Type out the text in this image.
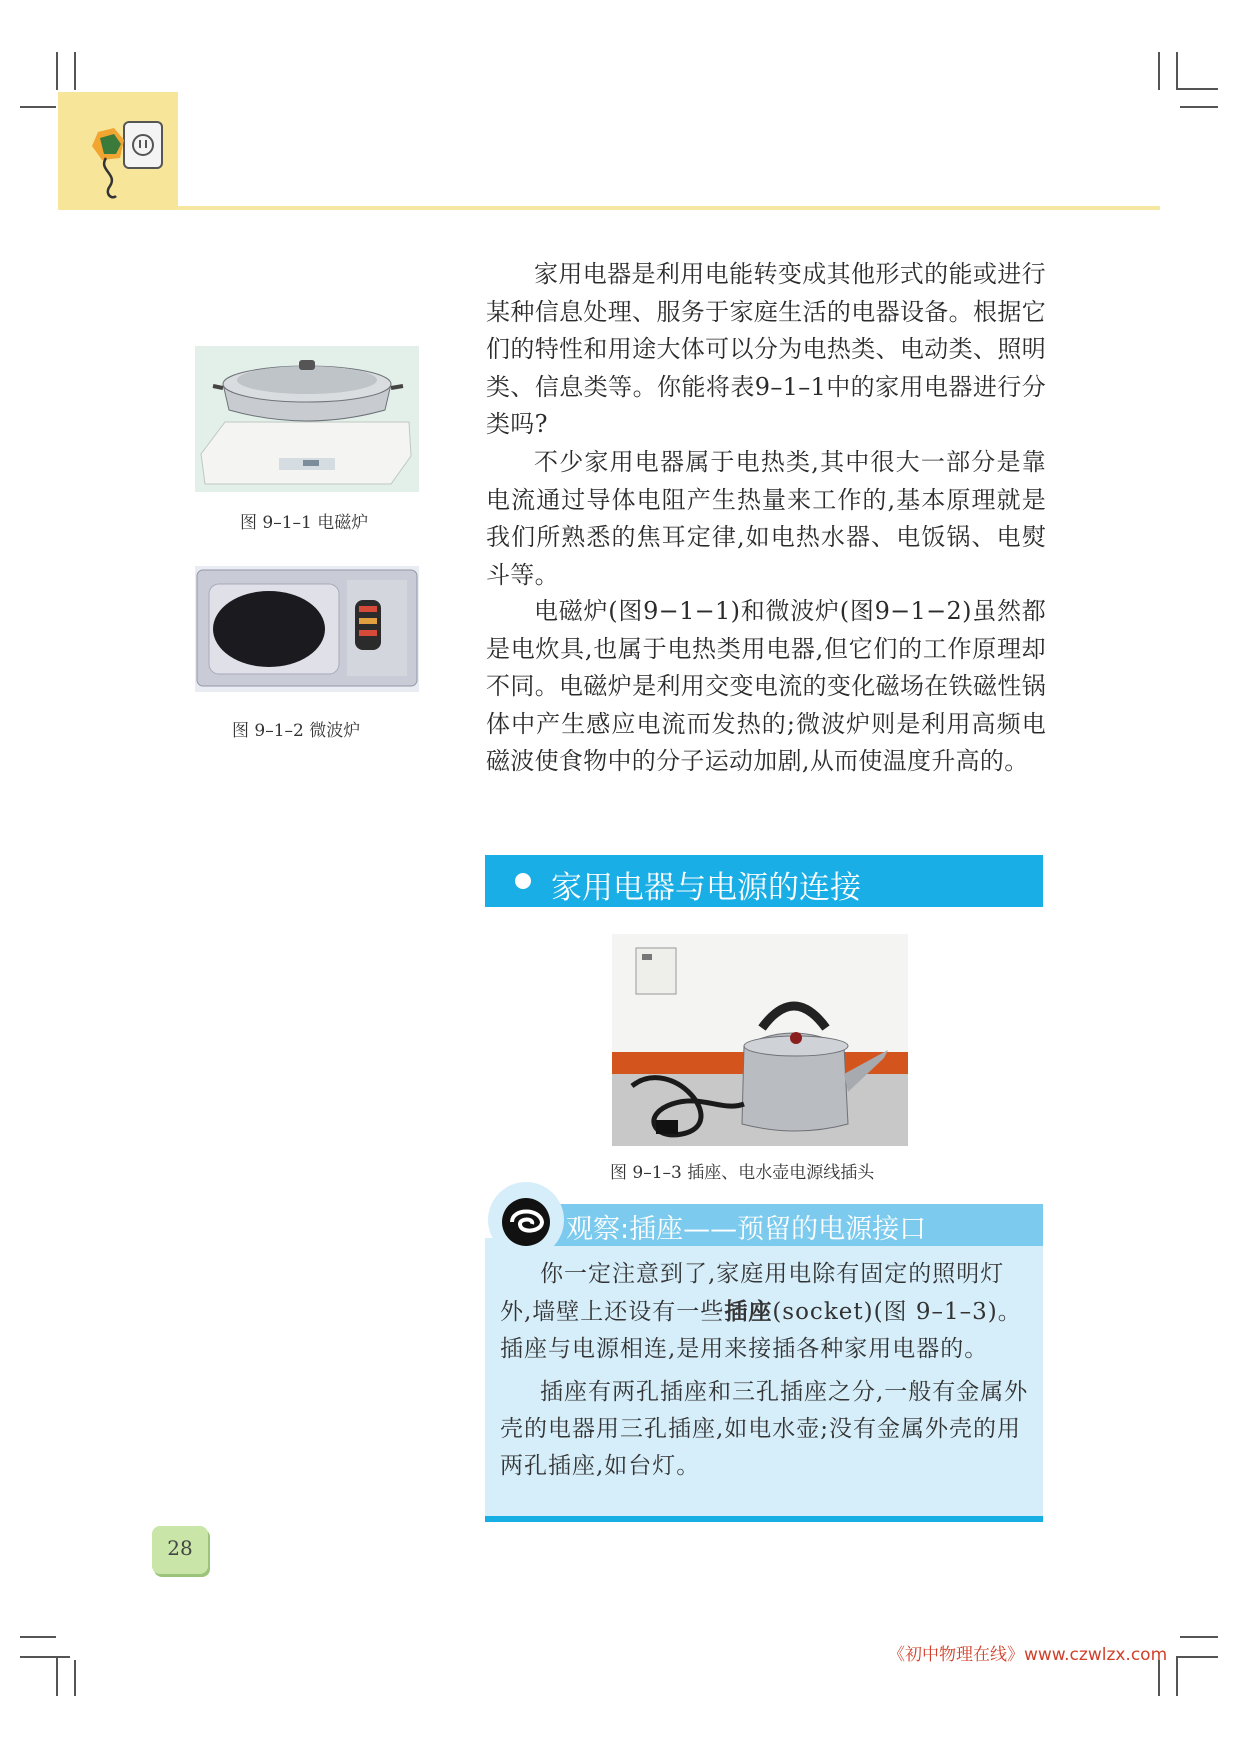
图 9–1–1 电磁炉
图 9–1–2 微波炉

家用电器是利用电能转变成其他形式的能或进行某种信息处理、服务于家庭生活的电器设备。根据它们的特性和用途大体可以分为电热类、电动类、照明类、信息类等。你能将表9–1–1中的家用电器进行分类吗?

不少家用电器属于电热类,其中很大一部分是靠电流通过导体电阻产生热量来工作的,基本原理就是我们所熟悉的焦耳定律,如电热水器、电饭锅、电熨斗等。

电磁炉(图9−1−1)和微波炉(图9−1−2)虽然都是电炊具,也属于电热类用电器,但它们的工作原理却不同。电磁炉是利用交变电流的变化磁场在铁磁性锅体中产生感应电流而发热的;微波炉则是利用高频电磁波使食物中的分子运动加剧,从而使温度升高的。

家用电器与电源的连接
图 9–1–3 插座、电水壶电源线插头
观察:插座——预留的电源接口

你一定注意到了,家庭用电除有固定的照明灯外,墙壁上还设有一些插座(socket)(图 9–1–3)。插座与电源相连,是用来接插各种家用电器的。

插座有两孔插座和三孔插座之分,一般有金属外壳的电器用三孔插座,如电水壶;没有金属外壳的用两孔插座,如台灯。

28
《初中物理在线》www.czwlzx.com
